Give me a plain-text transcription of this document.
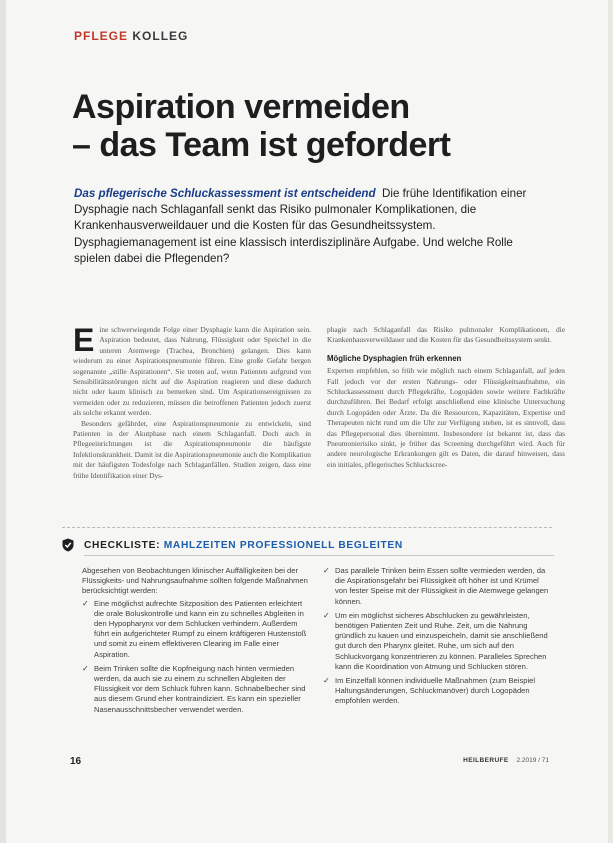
PFLEGE KOLLEG
Aspiration vermeiden
– das Team ist gefordert
Das pflegerische Schluckassessment ist entscheidend Die frühe Identifikation einer Dysphagie nach Schlaganfall senkt das Risiko pulmonaler Komplikationen, die Krankenhausverweildauer und die Kosten für das Gesundheitssystem. Dysphagiemanagement ist eine klassisch interdisziplinäre Aufgabe. Und welche Rolle spielen dabei die Pflegenden?
E ine schwerwiegende Folge einer Dysphagie kann die Aspiration sein. Aspiration bedeutet, dass Nahrung, Flüssigkeit oder Speichel in die unteren Atemwege (Trachea, Bronchien) gelangen. Dies kann wiederum zu einer Aspirationspneumonie führen. Eine große Gefahr bergen sogenannte „stille Aspirationen“. Sie treten auf, wenn Patienten aufgrund von Sensibilitätsstörungen nicht auf die Aspiration reagieren und diese dadurch nicht oder kaum klinisch zu bemerken sind. Um Aspirationsereignissen zu vermeiden oder zu reduzieren, müssen die betroffenen Patienten jedoch zuerst als solche erkannt werden.

Besonders gefährdet, eine Aspirationspneumonie zu entwickeln, sind Patienten in der Akutphase nach einem Schlaganfall. Doch auch in Pflegeeinrichtungen ist die Aspirationspneumonie die häufigste Infektionskrankheit. Damit ist die Aspirationspneumonie auch die Komplikation mit der häufigsten Todesfolge nach Schlaganfällen. Studien zeigen, dass eine frühe Identifikation einer Dys-

phagie nach Schlaganfall das Risiko pulmonaler Komplikationen, die Krankenhausverweildauer und die Kosten für das Gesundheitssystem senkt.

Mögliche Dysphagien früh erkennen

Experten empfehlen, so früh wie möglich nach einem Schlaganfall, auf jeden Fall jedoch vor der ersten Nahrungs- oder Flüssigkeitsaufnahme, ein Schluckassessment durch Pflegekräfte, Logopäden sowie weitere Fachkräfte durchzuführen. Bei Bedarf erfolgt anschließend eine klinische Untersuchung durch Logopäden oder Ärzte. Da die Ressourcen, Kapazitäten, Expertise und Therapeuten nicht rund um die Uhr zur Verfügung stehen, ist es sinnvoll, dass das Pflegepersonal dies übernimmt. Insbesondere ist bekannt ist, dass das Pneumonierisiko sinkt, je früher das Screening durchgeführt wird. Auch für andere neurologische Erkrankungen gilt es Daten, die darauf hinweisen, dass ein initiales, pflegerisches Schluckscree-

CHECKLISTE: MAHLZEITEN PROFESSIONELL BEGLEITEN

Abgesehen von Beobachtungen klinischer Auffälligkeiten bei der Flüssigkeits- und Nahrungsaufnahme sollten folgende Maßnahmen berücksichtigt werden:

✓ Eine möglichst aufrechte Sitzposition des Patienten erleichtert die orale Boluskontrolle und kann ein zu schnelles Abgleiten in den Hypopharynx vor dem Schlucken verhindern. Außerdem führt ein aufgerichteter Rumpf zu einem kräftigeren Hustenstoß und somit zu einem effektiveren Clearing im Falle einer Aspiration.
✓ Beim Trinken sollte die Kopfneigung nach hinten vermieden werden, da auch sie zu einem zu schnellen Abgleiten der Flüssigkeit vor dem Schluck führen kann. Schnabelbecher sind aus diesem Grund eher kontraindiziert. Es kann ein spezieller Nasenausschnittsbecher verwendet werden.
✓ Das parallele Trinken beim Essen sollte vermieden werden, da die Aspirationsgefahr bei Flüssigkeit oft höher ist und Krümel von fester Speise mit der Flüssigkeit in die Atemwege gelangen können.
✓ Um ein möglichst sicheres Abschlucken zu gewährleisten, benötigen Patienten Zeit und Ruhe. Zeit, um die Nahrung gründlich zu kauen und einzuspeicheln, damit sie anschließend gut durch den Pharynx gleitet. Ruhe, um sich auf den Schluckvorgang konzentrieren zu können. Paralleles Sprechen kann die Koordination von Atmung und Schlucken stören.
✓ Im Einzelfall können individuelle Maßnahmen (zum Beispiel Haltungsänderungen, Schluckmanöver) durch Logopäden empfohlen werden.
16	HEILBERUFE 2.2019 / 71
